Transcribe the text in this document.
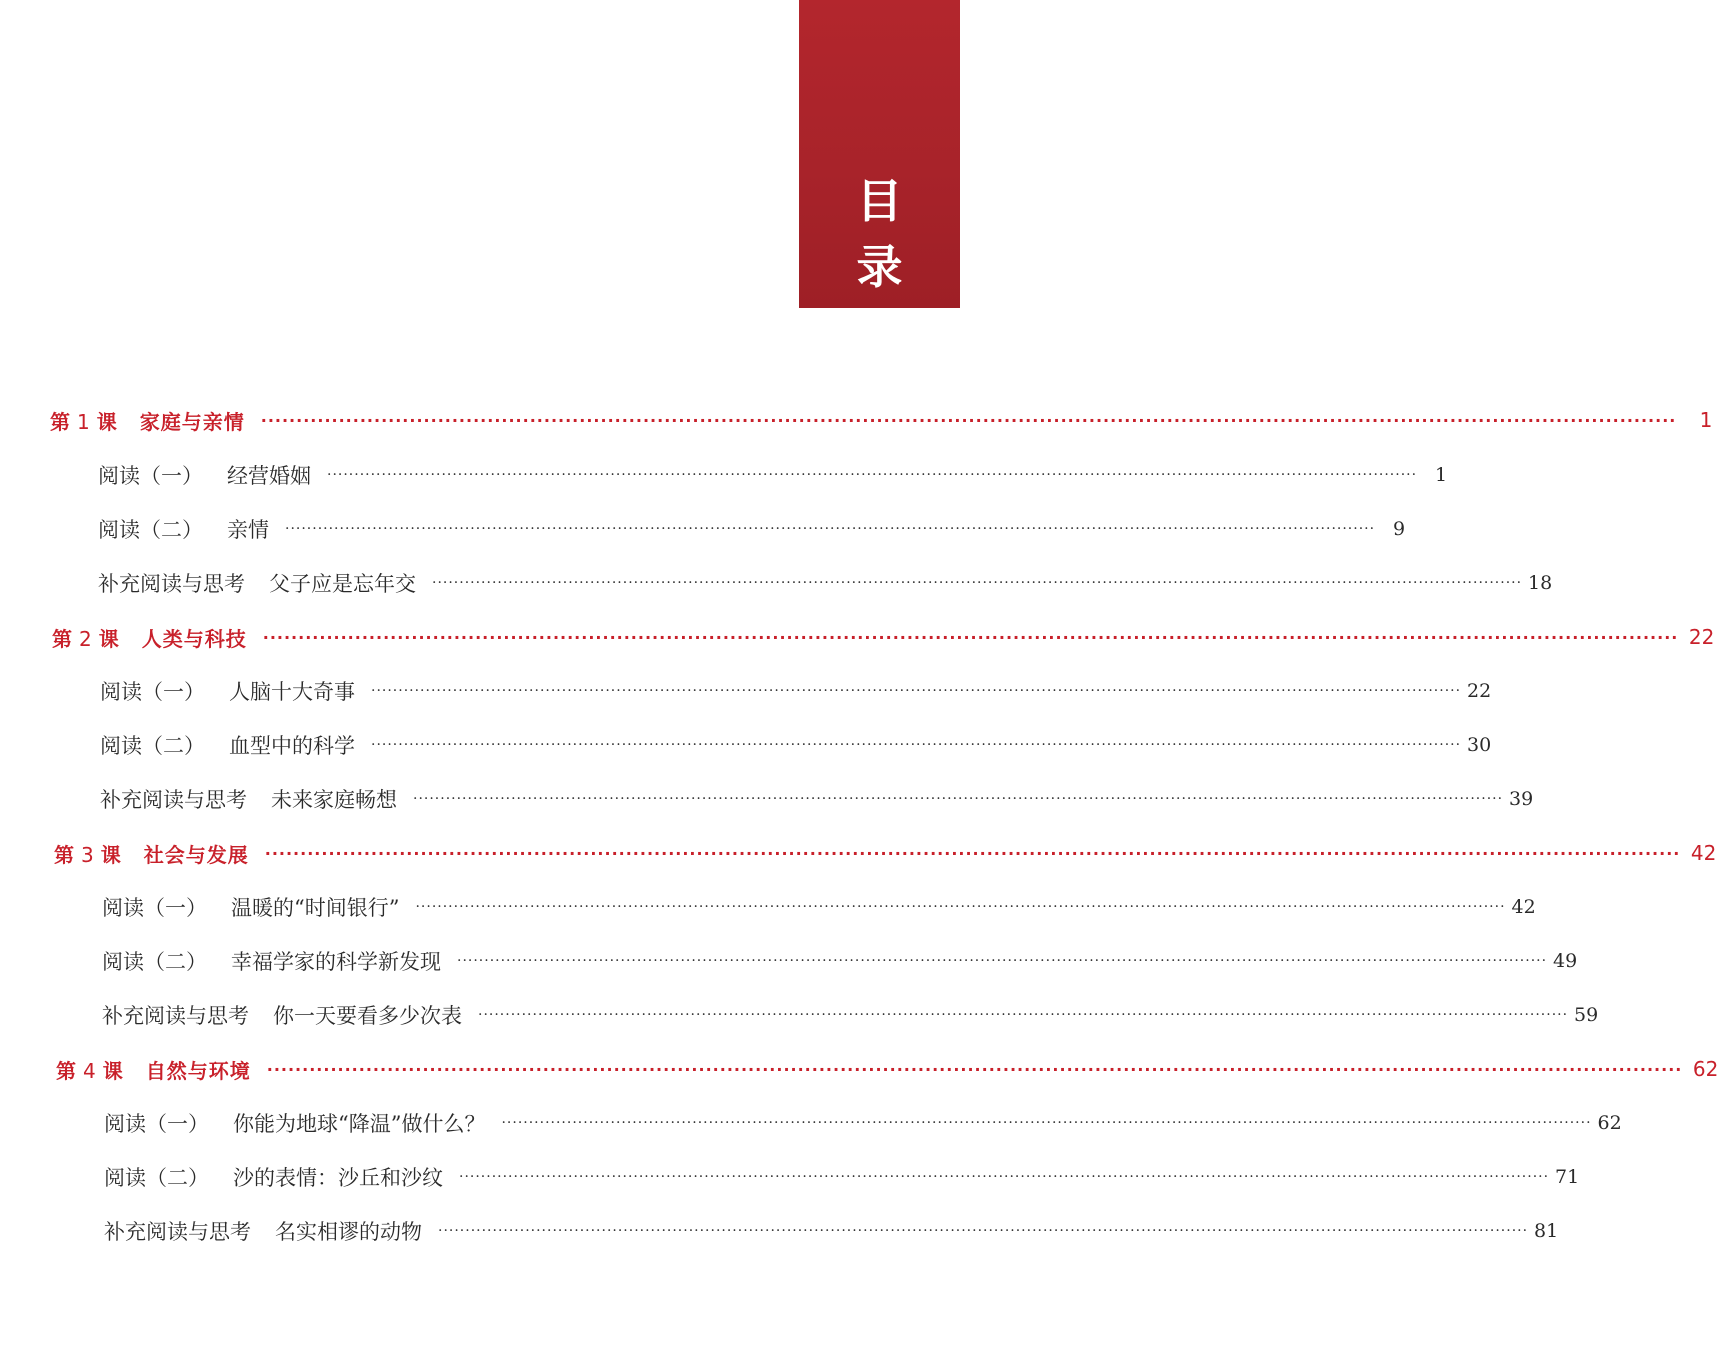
目
录
第 1 课 家庭与亲情 ········································································································································································································	1
阅读（一） 经营婚姻 ········································································································································································································ 1
阅读（二） 亲情 ········································································································································································································ 9
补充阅读与思考 父子应是忘年交 ········································································································································································································ 18
第 2 课 人类与科技 ········································································································································································································ 22
阅读（一） 人脑十大奇事 ········································································································································································································ 22
阅读（二） 血型中的科学 ········································································································································································································ 30
补充阅读与思考 未来家庭畅想 ········································································································································································································ 39
第 3 课 社会与发展 ········································································································································································································ 42
阅读（一） 温暖的“时间银行” ········································································································································································································ 42
阅读（二） 幸福学家的科学新发现 ········································································································································································································ 49
补充阅读与思考 你一天要看多少次表 ········································································································································································································ 59
第 4 课 自然与环境 ········································································································································································································ 62
阅读（一） 你能为地球“降温”做什么？ ········································································································································································································ 62
阅读（二） 沙的表情：沙丘和沙纹 ········································································································································································································ 71
补充阅读与思考 名实相谬的动物 ········································································································································································································ 81
